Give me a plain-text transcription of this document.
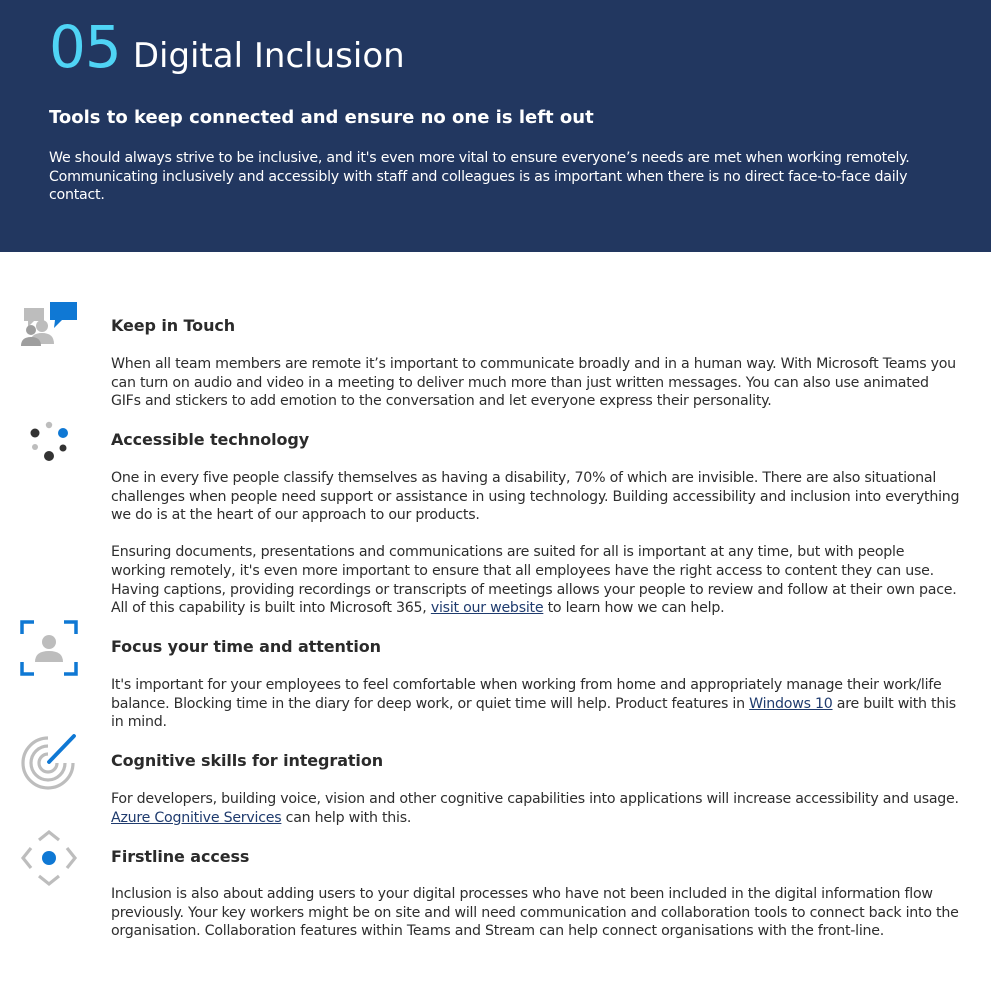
05 Digital Inclusion
Tools to keep connected and ensure no one is left out
We should always strive to be inclusive, and it's even more vital to ensure everyone’s needs are met when working remotely. Communicating inclusively and accessibly with staff and colleagues is as important when there is no direct face-to-face daily contact.
Keep in Touch

When all team members are remote it’s important to communicate broadly and in a human way. With Microsoft Teams you can turn on audio and video in a meeting to deliver much more than just written messages. You can also use animated GIFs and stickers to add emotion to the conversation and let everyone express their personality.

Accessible technology

One in every five people classify themselves as having a disability, 70% of which are invisible. There are also situational challenges when people need support or assistance in using technology. Building accessibility and inclusion into everything we do is at the heart of our approach to our products.

Ensuring documents, presentations and communications are suited for all is important at any time, but with people working remotely, it's even more important to ensure that all employees have the right access to content they can use. Having captions, providing recordings or transcripts of meetings allows your people to review and follow at their own pace. All of this capability is built into Microsoft 365, visit our website to learn how we can help.

Focus your time and attention

It's important for your employees to feel comfortable when working from home and appropriately manage their work/life balance. Blocking time in the diary for deep work, or quiet time will help. Product features in Windows 10 are built with this in mind.

Cognitive skills for integration

For developers, building voice, vision and other cognitive capabilities into applications will increase accessibility and usage. Azure Cognitive Services can help with this.

Firstline access

Inclusion is also about adding users to your digital processes who have not been included in the digital information flow previously. Your key workers might be on site and will need communication and collaboration tools to connect back into the organisation. Collaboration features within Teams and Stream can help connect organisations with the front-line.
